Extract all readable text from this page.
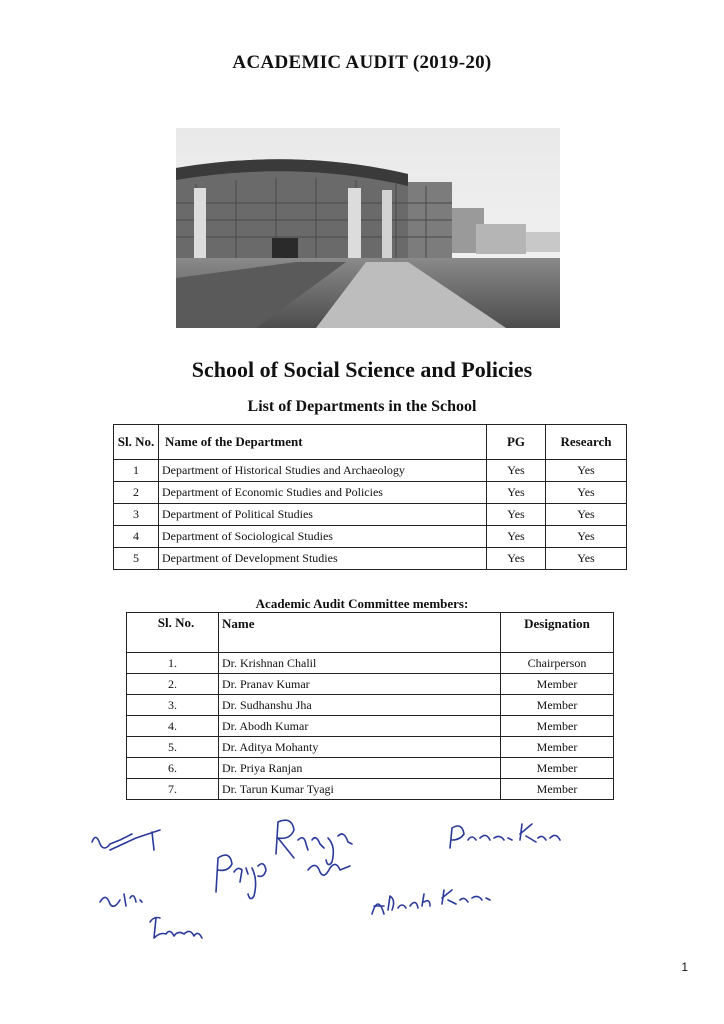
ACADEMIC AUDIT (2019-20)
School of Social Science and Policies
List of Departments in the School
Sl. No.	Name of the Department	PG	Research
1	Department of Historical Studies and Archaeology	Yes	Yes
2	Department of Economic Studies and Policies	Yes	Yes
3	Department of Political Studies	Yes	Yes
4	Department of Sociological Studies	Yes	Yes
5	Department of Development Studies	Yes	Yes
Academic Audit Committee members:
Sl. No.	Name	Designation
1.	Dr. Krishnan Chalil	Chairperson
2.	Dr. Pranav Kumar	Member
3.	Dr. Sudhanshu Jha	Member
4.	Dr. Abodh Kumar	Member
5.	Dr. Aditya Mohanty	Member
6.	Dr. Priya Ranjan	Member
7.	Dr. Tarun Kumar Tyagi	Member
1
